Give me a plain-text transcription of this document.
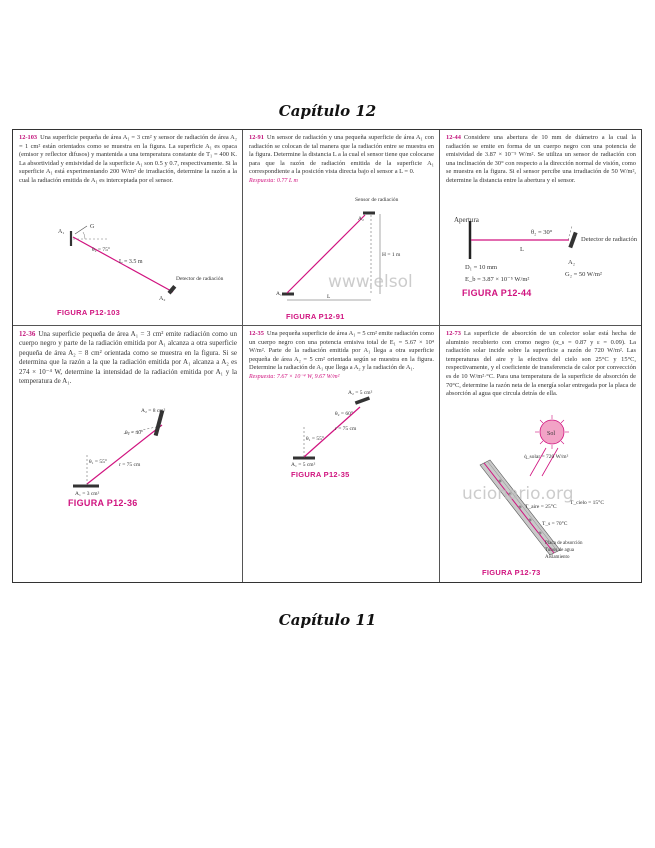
Capítulo 12
12-103 Una superficie pequeña de área A₁ = 3 cm² y sensor de radiación de área A₂ = 1 cm² están orientados como se muestra en la figura. La superficie A₁ es opaca (emisor y reflector difusos) y mantenida a una temperatura constante de T₁ = 400 K. La absortividad y emisividad de la superficie A₁ son 0.5 y 0.7, respectivamente. Si la superficie A₁ está experimentando 200 W/m² de irradiación, determine la razón a la cual la radiación emitida de A₁ es interceptada por el sensor.
A₁
G
θ₂ = 75°
L = 3.5 m
Detector de radiación
A₂
FIGURA P12-103
12-91 Un sensor de radiación y una pequeña superficie de área A₁ con radiación se colocan de tal manera que la radiación entre se muestra en la figura. Determine la distancia L a la cual el sensor tiene que colocarse para que la razón de radiación emitida de la superficie A₁ correspondiente a la posición vista directa bajo el sensor a L = 0.
Respuesta: 0.77 L m
Sensor de radiación
A₂
H = 1 m
A₁	L
FIGURA P12-91
12-44 Considere una abertura de 10 mm de diámetro a la cual la radiación se emite en forma de un cuerpo negro con una potencia de emisividad de 3.87 × 10⁻⁵ W/m². Se utiliza un sensor de radiación con una inclinación de 30° con respecto a la dirección normal de visión, como se muestra en la figura. Si el sensor percibe una irradiación de 50 W/m², determine la distancia entre la abertura y el sensor.
Apertura
θ₂ = 30°
L
D₁ = 10 mm
E_b = 3.87 × 10⁻⁵ W/m²
Detector de radiación
A₂
G₂ = 50 W/m²
FIGURA P12-44
12-36 Una superficie pequeña de área A₁ = 3 cm² emite radiación como un cuerpo negro y parte de la radiación emitida por A₁ alcanza a otra superficie pequeña de área A₂ = 8 cm² orientada como se muestra en la figura. Si se determina que la razón a la que la radiación emitida por A₁ alcanza a A₂ es 274 × 10⁻⁴ W, determine la intensidad de la radiación emitida por A₁ y la temperatura de A₁.
A₂ = 8 cm²
θ₂ = 40°
θ₁ = 55° r = 75 cm
A₁ = 3 cm²
FIGURA P12-36
12-35 Una pequeña superficie de área A₁ = 5 cm² emite radiación como un cuerpo negro con una potencia emisiva total de E₁ = 5.67 × 10⁴ W/m². Parte de la radiación emitida por A₁ llega a otra superficie pequeña de área A₂ = 5 cm² orientada según se muestra en la figura. Determine la radiación de A₁ que llega a A₂ y la radiación de A₁.
Respuesta: 7.67 × 10⁻⁴ W, 9.67 W/m²
A₂ = 5 cm²
θ₂ = 60°
r = 75 cm
θ₁ = 55°
A₁ = 5 cm²
FIGURA P12-35
12-73 La superficie de absorción de un colector solar está hecha de aluminio recubierto con cromo negro (α_s = 0.87 y ε = 0.09). La radiación solar incide sobre la superficie a razón de 720 W/m². Las temperaturas del aire y la efectiva del cielo son 25°C y 15°C, respectivamente, y el coeficiente de transferencia de calor por convección es de 10 W/m²·°C. Para una temperatura de la superficie de absorción de 70°C, determine la razón neta de la energía solar entregada por la placa de absorción al agua que circula detrás de ella.
Sol
q̇_solar = 720 W/m²
T_cielo = 15°C
T_aire = 25°C
T_s = 70°C
Placa de absorción
Tubos de agua
Aislamiento
FIGURA P12-73
www.elsol
ucionario.org
Capítulo 11
